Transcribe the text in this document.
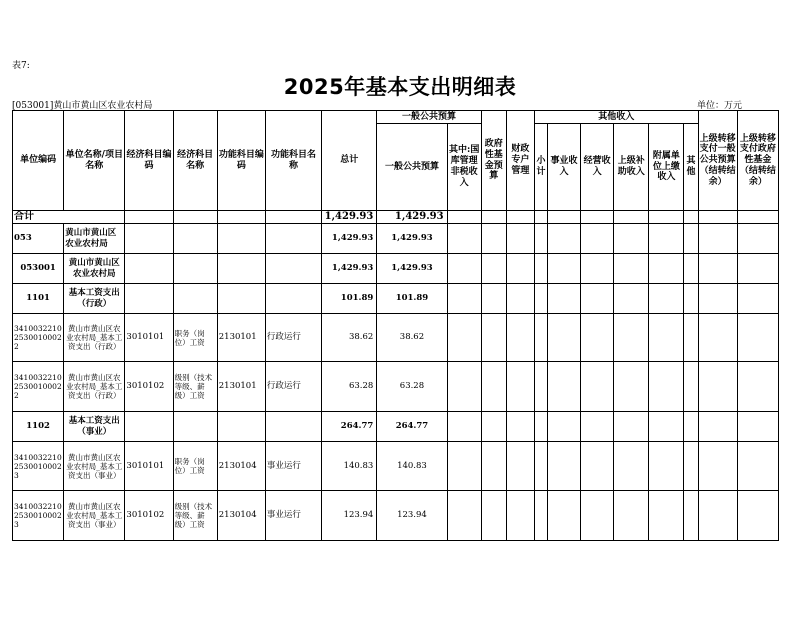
表7:
2025年基本支出明细表
[053001]黄山市黄山区农业农村局	单位：万元
单位编码	单位名称/项目名称	经济科目编码	经济科目名称	功能科目编码	功能科目名称	总计	一般公共预算		政府性基金预算	财政专户管理	其他收入						上级转移支付一般公共预算（结转结余）	上级转移支付政府性基金（结转结余）
							一般公共预算	其中:国库管理非税收入			小计	事业收入	经营收入	上级补助收入	附属单位上缴收入	其他		
合计						1,429.93	1,429.93											
053	黄山市黄山区农业农村局					1,429.93	1,429.93											
053001	黄山市黄山区农业农村局					1,429.93	1,429.93											
1101	基本工资支出（行政）					101.89	101.89											
341003221025300100022	黄山市黄山区农业农村局_基本工资支出（行政）	3010101	职务（岗位）工资	2130101	行政运行	38.62	38.62											
341003221025300100022	黄山市黄山区农业农村局_基本工资支出（行政）	3010102	级别（技术等级、薪级）工资	2130101	行政运行	63.28	63.28											
1102	基本工资支出（事业）					264.77	264.77											
341003221025300100023	黄山市黄山区农业农村局_基本工资支出（事业）	3010101	职务（岗位）工资	2130104	事业运行	140.83	140.83											
341003221025300100023	黄山市黄山区农业农村局_基本工资支出（事业）	3010102	级别（技术等级、薪级）工资	2130104	事业运行	123.94	123.94											
